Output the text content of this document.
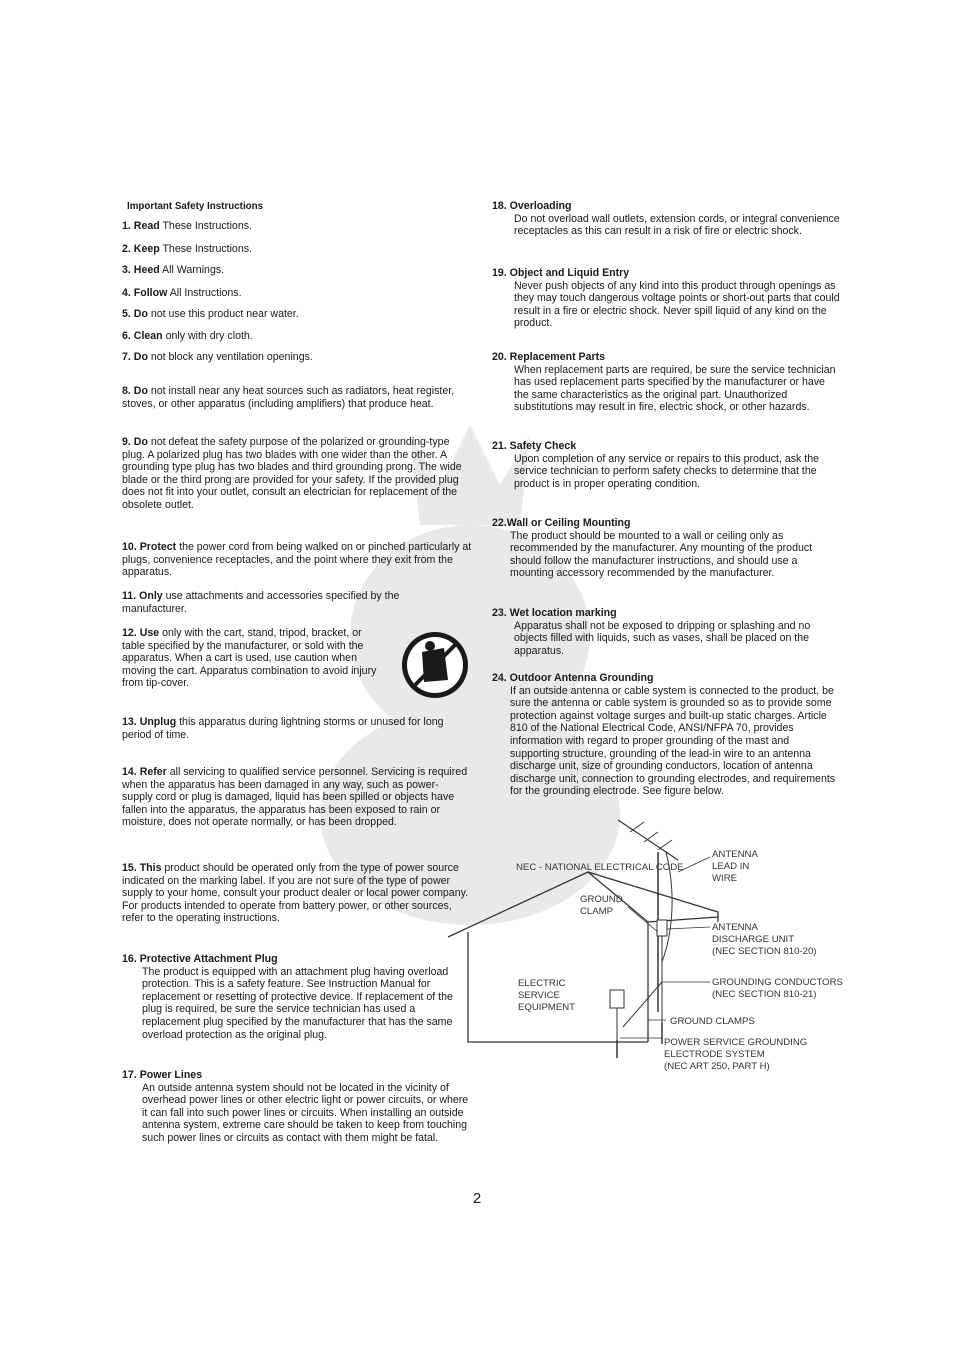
Important Safety Instructions
1. Read These Instructions.
2. Keep These Instructions.
3. Heed All Warnings.
4. Follow All Instructions.
5. Do not use this product near water.
6. Clean only with dry cloth.
7. Do not block any ventilation openings.
8. Do not install near any heat sources such as radiators, heat register, stoves, or other apparatus (including amplifiers) that produce heat.
9. Do not defeat the safety purpose of the polarized or grounding-type plug. A polarized plug has two blades with one wider than the other. A grounding type plug has two blades and third grounding prong. The wide blade or the third prong are provided for your safety. If the provided plug does not fit into your outlet, consult an electrician for replacement of the obsolete outlet.
10. Protect the power cord from being walked on or pinched particularly at plugs, convenience receptacles, and the point where they exit from the apparatus.
11. Only use attachments and accessories specified by the manufacturer.
12. Use only with the cart, stand, tripod, bracket, or table specified by the manufacturer, or sold with the apparatus. When a cart is used, use caution when moving the cart. Apparatus combination to avoid injury from tip-cover.
13. Unplug this apparatus during lightning storms or unused for long period of time.
14. Refer all servicing to qualified service personnel. Servicing is required when the apparatus has been damaged in any way, such as power-supply cord or plug is damaged, liquid has been spilled or objects have fallen into the apparatus, the apparatus has been exposed to rain or moisture, does not operate normally, or has been dropped.
15. This product should be operated only from the type of power source indicated on the marking label. If you are not sure of the type of power supply to your home, consult your product dealer or local power company. For products intended to operate from battery power, or other sources, refer to the operating instructions.
16. Protective Attachment Plug
The product is equipped with an attachment plug having overload protection. This is a safety feature. See Instruction Manual for replacement or resetting of protective device. If replacement of the plug is required, be sure the service technician has used a replacement plug specified by the manufacturer that has the same overload protection as the original plug.
17. Power Lines
An outside antenna system should not be located in the vicinity of overhead power lines or other electric light or power circuits, or where it can fall into such power lines or circuits. When installing an outside antenna system, extreme care should be taken to keep from touching such power lines or circuits as contact with them might be fatal.
18. Overloading
Do not overload wall outlets, extension cords, or integral convenience receptacles as this can result in a risk of fire or electric shock.
19. Object and Liquid Entry
Never push objects of any kind into this product through openings as they may touch dangerous voltage points or short-out parts that could result in a fire or electric shock. Never spill liquid of any kind on the product.
20. Replacement Parts
When replacement parts are required, be sure the service technician has used replacement parts specified by the manufacturer or have the same characteristics as the original part. Unauthorized substitutions may result in fire, electric shock, or other hazards.
21. Safety Check
Upon completion of any service or repairs to this product, ask the service technician to perform safety checks to determine that the product is in proper operating condition.
22.Wall or Ceiling Mounting
The product should be mounted to a wall or ceiling only as recommended by the manufacturer. Any mounting of the product should follow the manufacturer instructions, and should use a mounting accessory recommended by the manufacturer.
23. Wet location marking
Apparatus shall not be exposed to dripping or splashing and no objects filled with liquids, such as vases, shall be placed on the apparatus.
24. Outdoor Antenna Grounding
If an outside antenna or cable system is connected to the product, be sure the antenna or cable system is grounded so as to provide some protection against voltage surges and built-up static charges. Article 810 of the National Electrical Code, ANSI/NFPA 70, provides information with regard to proper grounding of the mast and supporting structure, grounding of the lead-in wire to an antenna discharge unit, size of grounding conductors, location of antenna discharge unit, connection to grounding electrodes, and requirements for the grounding electrode. See figure below.
NEC - NATIONAL ELECTRICAL CODE
ANTENNA
LEAD IN
WIRE
GROUND
CLAMP
ANTENNA
DISCHARGE UNIT
(NEC SECTION 810-20)
ELECTRIC
SERVICE
EQUIPMENT
GROUNDING CONDUCTORS
(NEC SECTION 810-21)
GROUND CLAMPS
POWER SERVICE GROUNDING
ELECTRODE SYSTEM
(NEC ART 250, PART H)
2
